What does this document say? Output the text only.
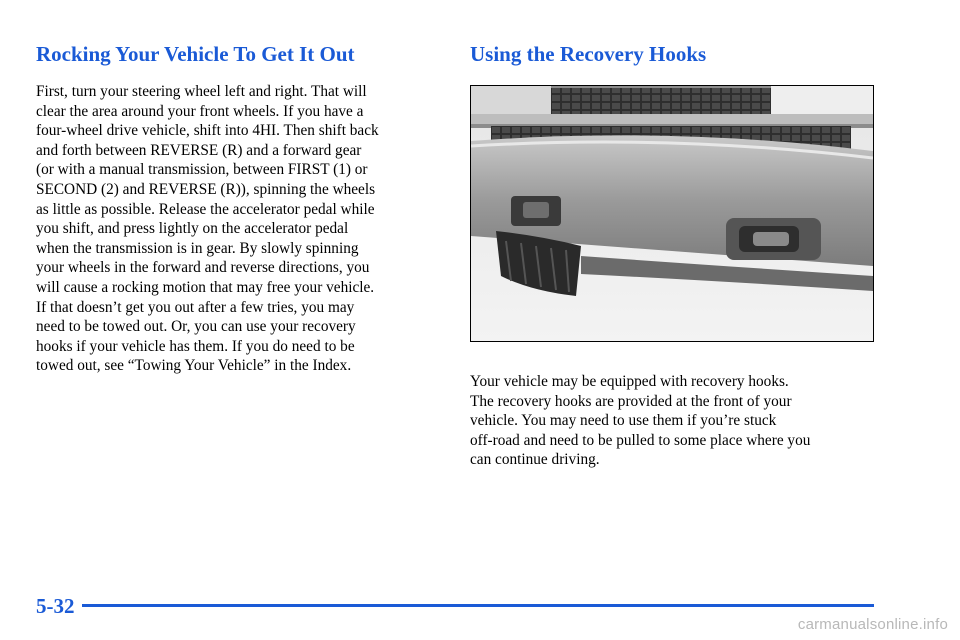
Rocking Your Vehicle To Get It Out

First, turn your steering wheel left and right. That will
clear the area around your front wheels. If you have a
four-wheel drive vehicle, shift into 4HI. Then shift back
and forth between REVERSE (R) and a forward gear
(or with a manual transmission, between FIRST (1) or
SECOND (2) and REVERSE (R)), spinning the wheels
as little as possible. Release the accelerator pedal while
you shift, and press lightly on the accelerator pedal
when the transmission is in gear. By slowly spinning
your wheels in the forward and reverse directions, you
will cause a rocking motion that may free your vehicle.
If that doesn’t get you out after a few tries, you may
need to be towed out. Or, you can use your recovery
hooks if your vehicle has them. If you do need to be
towed out, see “Towing Your Vehicle” in the Index.

Using the Recovery Hooks

Your vehicle may be equipped with recovery hooks.
The recovery hooks are provided at the front of your
vehicle. You may need to use them if you’re stuck
off-road and need to be pulled to some place where you
can continue driving.

5-32
carmanualsonline.info
